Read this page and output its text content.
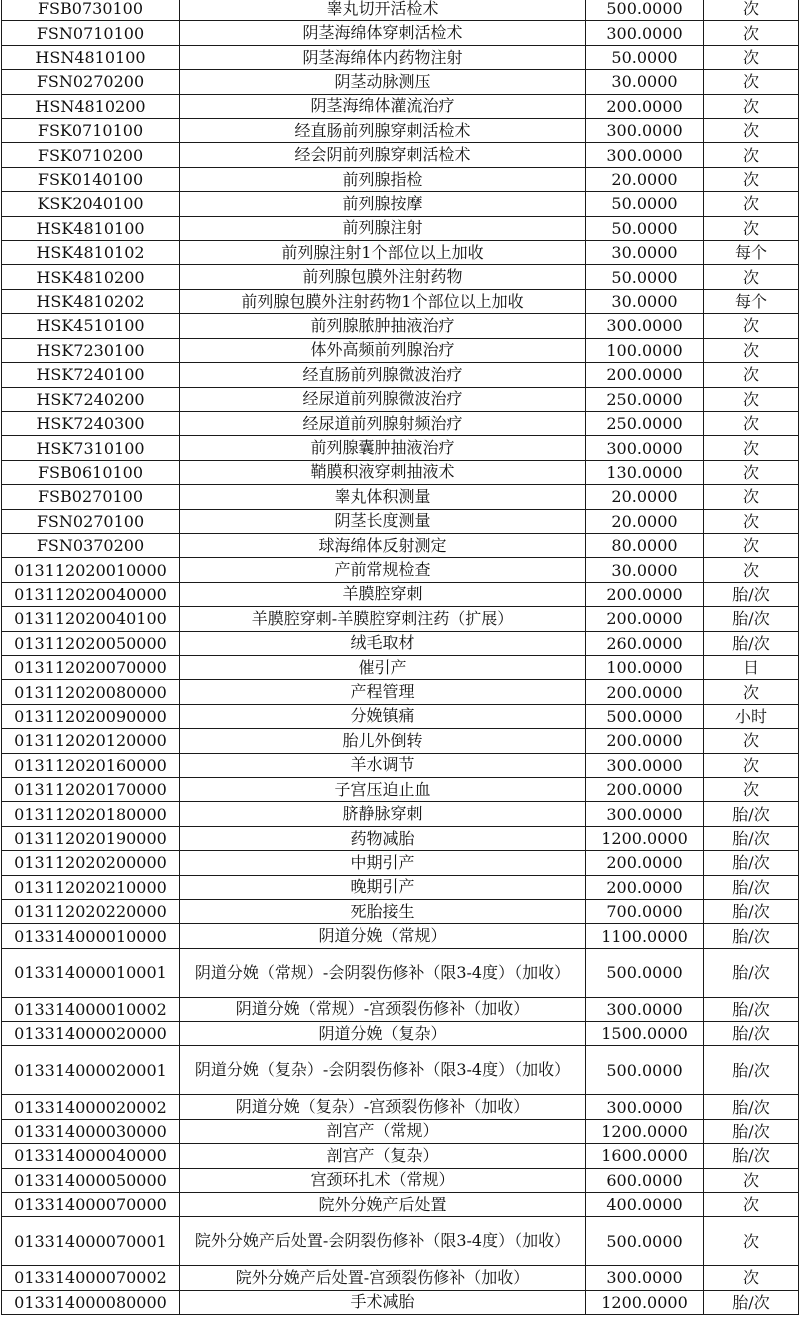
FSB0730100	睾丸切开活检术	500.0000	次
FSN0710100	阴茎海绵体穿刺活检术	300.0000	次
HSN4810100	阴茎海绵体内药物注射	50.0000	次
FSN0270200	阴茎动脉测压	30.0000	次
HSN4810200	阴茎海绵体灌流治疗	200.0000	次
FSK0710100	经直肠前列腺穿刺活检术	300.0000	次
FSK0710200	经会阴前列腺穿刺活检术	300.0000	次
FSK0140100	前列腺指检	20.0000	次
KSK2040100	前列腺按摩	50.0000	次
HSK4810100	前列腺注射	50.0000	次
HSK4810102	前列腺注射1个部位以上加收	30.0000	每个
HSK4810200	前列腺包膜外注射药物	50.0000	次
HSK4810202	前列腺包膜外注射药物1个部位以上加收	30.0000	每个
HSK4510100	前列腺脓肿抽液治疗	300.0000	次
HSK7230100	体外高频前列腺治疗	100.0000	次
HSK7240100	经直肠前列腺微波治疗	200.0000	次
HSK7240200	经尿道前列腺微波治疗	250.0000	次
HSK7240300	经尿道前列腺射频治疗	250.0000	次
HSK7310100	前列腺囊肿抽液治疗	300.0000	次
FSB0610100	鞘膜积液穿刺抽液术	130.0000	次
FSB0270100	睾丸体积测量	20.0000	次
FSN0270100	阴茎长度测量	20.0000	次
FSN0370200	球海绵体反射测定	80.0000	次
013112020010000	产前常规检查	30.0000	次
013112020040000	羊膜腔穿刺	200.0000	胎/次
013112020040100	羊膜腔穿刺-羊膜腔穿刺注药（扩展）	200.0000	胎/次
013112020050000	绒毛取材	260.0000	胎/次
013112020070000	催引产	100.0000	日
013112020080000	产程管理	200.0000	次
013112020090000	分娩镇痛	500.0000	小时
013112020120000	胎儿外倒转	200.0000	次
013112020160000	羊水调节	300.0000	次
013112020170000	子宫压迫止血	200.0000	次
013112020180000	脐静脉穿刺	300.0000	胎/次
013112020190000	药物减胎	1200.0000	胎/次
013112020200000	中期引产	200.0000	胎/次
013112020210000	晚期引产	200.0000	胎/次
013112020220000	死胎接生	700.0000	胎/次
013314000010000	阴道分娩（常规）	1100.0000	胎/次
013314000010001	阴道分娩（常规）-会阴裂伤修补（限3-4度）（加收）	500.0000	胎/次
013314000010002	阴道分娩（常规）-宫颈裂伤修补（加收）	300.0000	胎/次
013314000020000	阴道分娩（复杂）	1500.0000	胎/次
013314000020001	阴道分娩（复杂）-会阴裂伤修补（限3-4度）（加收）	500.0000	胎/次
013314000020002	阴道分娩（复杂）-宫颈裂伤修补（加收）	300.0000	胎/次
013314000030000	剖宫产（常规）	1200.0000	胎/次
013314000040000	剖宫产（复杂）	1600.0000	胎/次
013314000050000	宫颈环扎术（常规）	600.0000	次
013314000070000	院外分娩产后处置	400.0000	次
013314000070001	院外分娩产后处置-会阴裂伤修补（限3-4度）（加收）	500.0000	次
013314000070002	院外分娩产后处置-宫颈裂伤修补（加收）	300.0000	次
013314000080000	手术减胎	1200.0000	胎/次
